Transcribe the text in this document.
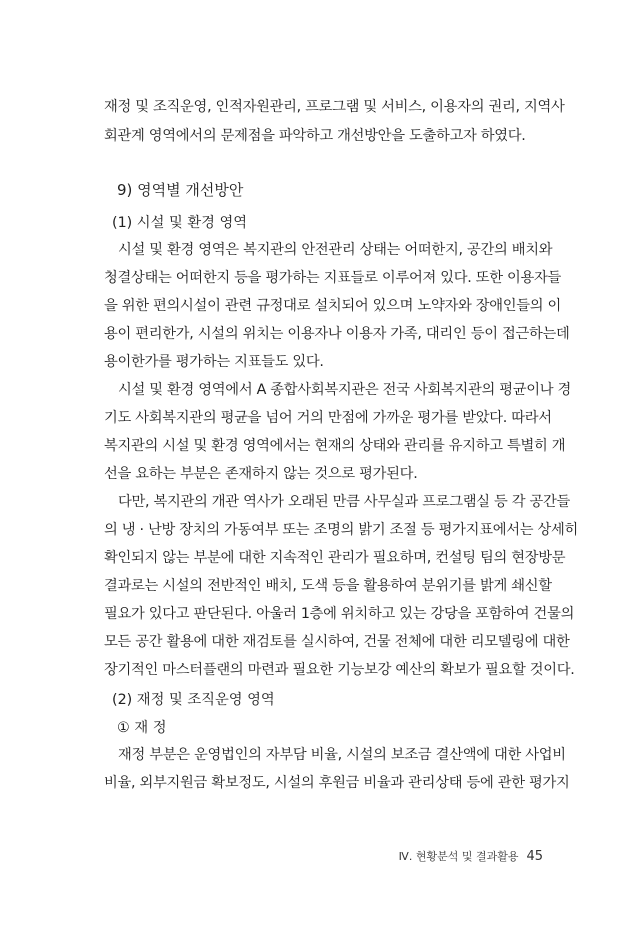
재정 및 조직운영, 인적자원관리, 프로그램 및 서비스, 이용자의 권리, 지역사
회관계 영역에서의 문제점을 파악하고 개선방안을 도출하고자 하였다.
9) 영역별 개선방안
(1) 시설 및 환경 영역
시설 및 환경 영역은 복지관의 안전관리 상태는 어떠한지, 공간의 배치와
청결상태는 어떠한지 등을 평가하는 지표들로 이루어져 있다. 또한 이용자들
을 위한 편의시설이 관련 규정대로 설치되어 있으며 노약자와 장애인들의 이
용이 편리한가, 시설의 위치는 이용자나 이용자 가족, 대리인 등이 접근하는데
용이한가를 평가하는 지표들도 있다.
시설 및 환경 영역에서 A 종합사회복지관은 전국 사회복지관의 평균이나 경
기도 사회복지관의 평균을 넘어 거의 만점에 가까운 평가를 받았다. 따라서
복지관의 시설 및 환경 영역에서는 현재의 상태와 관리를 유지하고 특별히 개
선을 요하는 부분은 존재하지 않는 것으로 평가된다.
다만, 복지관의 개관 역사가 오래된 만큼 사무실과 프로그램실 등 각 공간들
의 냉 · 난방 장치의 가동여부 또는 조명의 밝기 조절 등 평가지표에서는 상세히
확인되지 않는 부분에 대한 지속적인 관리가 필요하며, 컨설팅 팀의 현장방문
결과로는 시설의 전반적인 배치, 도색 등을 활용하여 분위기를 밝게 쇄신할
필요가 있다고 판단된다. 아울러 1층에 위치하고 있는 강당을 포함하여 건물의
모든 공간 활용에 대한 재검토를 실시하여, 건물 전체에 대한 리모델링에 대한
장기적인 마스터플랜의 마련과 필요한 기능보강 예산의 확보가 필요할 것이다.
(2) 재정 및 조직운영 영역
① 재 정
재정 부분은 운영법인의 자부담 비율, 시설의 보조금 결산액에 대한 사업비
비율, 외부지원금 확보정도, 시설의 후원금 비율과 관리상태 등에 관한 평가지
Ⅳ. 현황분석 및 결과활용 45
